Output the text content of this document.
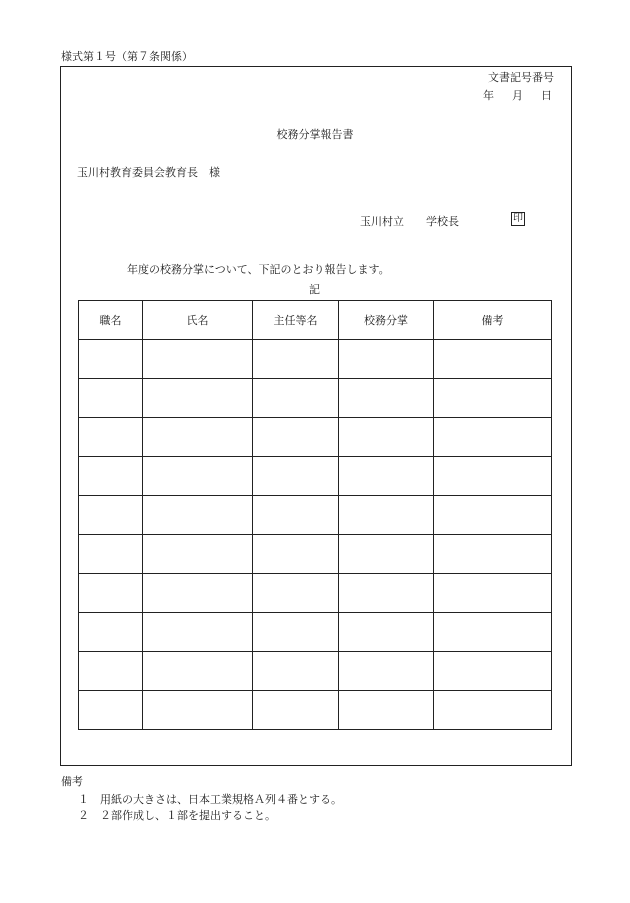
様式第１号（第７条関係）
文書記号番号
年 月 日
校務分掌報告書
玉川村教育委員会教育長　様
玉川村立 学校長	印
年度の校務分掌について、下記のとおり報告します。
記
職名	氏名	主任等名	校務分掌	備考

備考
１ 用紙の大きさは、日本工業規格Ａ列４番とする。
２ ２部作成し、１部を提出すること。
